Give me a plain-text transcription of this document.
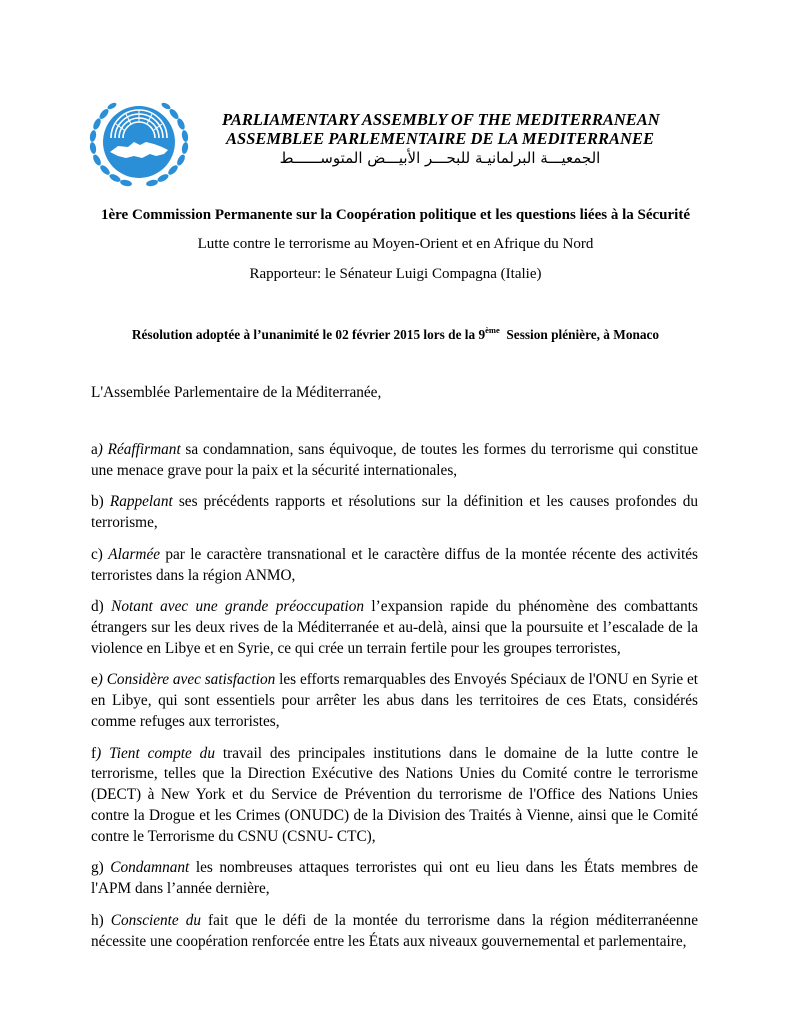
PARLIAMENTARY ASSEMBLY OF THE MEDITERRANEAN
ASSEMBLEE PARLEMENTAIRE DE LA MEDITERRANEE
الجمعيـــة البرلمانيـة للبحـــر الأبيـــض المتوســــــط
1ère Commission Permanente sur la Coopération politique et les questions liées à la Sécurité
Lutte contre le terrorisme au Moyen-Orient et en Afrique du Nord
Rapporteur: le Sénateur Luigi Compagna (Italie)
Résolution adoptée à l’unanimité le 02 février 2015 lors de la 9ème  Session plénière, à Monaco
L'Assemblée Parlementaire de la Méditerranée,

a) Réaffirmant sa condamnation, sans équivoque, de toutes les formes du terrorisme qui constitue une menace grave pour la paix et la sécurité internationales,

b) Rappelant ses précédents rapports et résolutions sur la définition et les causes profondes du terrorisme,

c) Alarmée par le caractère transnational et le caractère diffus de la montée récente des activités terroristes dans la région ANMO,

d) Notant avec une grande préoccupation l’expansion rapide du phénomène des combattants étrangers sur les deux rives de la Méditerranée et au-delà, ainsi que la poursuite et l’escalade de la violence en Libye et en Syrie, ce qui crée un terrain fertile pour les groupes terroristes,

e) Considère avec satisfaction les efforts remarquables des Envoyés Spéciaux de l'ONU en Syrie et en Libye, qui sont essentiels pour arrêter les abus dans les territoires de ces Etats, considérés comme refuges aux terroristes,

f) Tient compte du travail des principales institutions dans le domaine de la lutte contre le terrorisme, telles que la Direction Exécutive des Nations Unies du Comité contre le terrorisme (DECT) à New York et du Service de Prévention du terrorisme de l'Office des Nations Unies contre la Drogue et les Crimes (ONUDC) de la Division des Traités à Vienne, ainsi que le Comité contre le Terrorisme du CSNU (CSNU- CTC),

g) Condamnant les nombreuses attaques terroristes qui ont eu lieu dans les États membres de l'APM dans l’année dernière,

h) Consciente du fait que le défi de la montée du terrorisme dans la région méditerranéenne nécessite une coopération renforcée entre les États aux niveaux gouvernemental et parlementaire,
